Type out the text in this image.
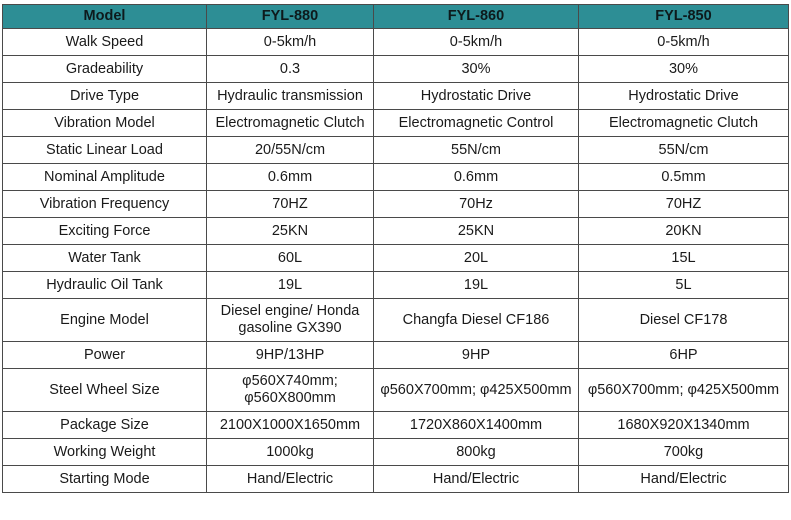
Model	FYL-880	FYL-860	FYL-850
Walk Speed	0-5km/h	0-5km/h	0-5km/h
Gradeability	0.3	30%	30%
Drive Type	Hydraulic transmission	Hydrostatic Drive	Hydrostatic Drive
Vibration Model	Electromagnetic Clutch	Electromagnetic Control	Electromagnetic Clutch
Static Linear Load	20/55N/cm	55N/cm	55N/cm
Nominal Amplitude	0.6mm	0.6mm	0.5mm
Vibration Frequency	70HZ	70Hz	70HZ
Exciting Force	25KN	25KN	20KN
Water Tank	60L	20L	15L
Hydraulic Oil Tank	19L	19L	5L
Engine Model	Diesel engine/ Honda gasoline GX390	Changfa Diesel CF186	Diesel CF178
Power	9HP/13HP	9HP	6HP
Steel Wheel Size	φ560X740mm; φ560X800mm	φ560X700mm; φ425X500mm	φ560X700mm; φ425X500mm
Package Size	2100X1000X1650mm	1720X860X1400mm	1680X920X1340mm
Working Weight	1000kg	800kg	700kg
Starting Mode	Hand/Electric	Hand/Electric	Hand/Electric
